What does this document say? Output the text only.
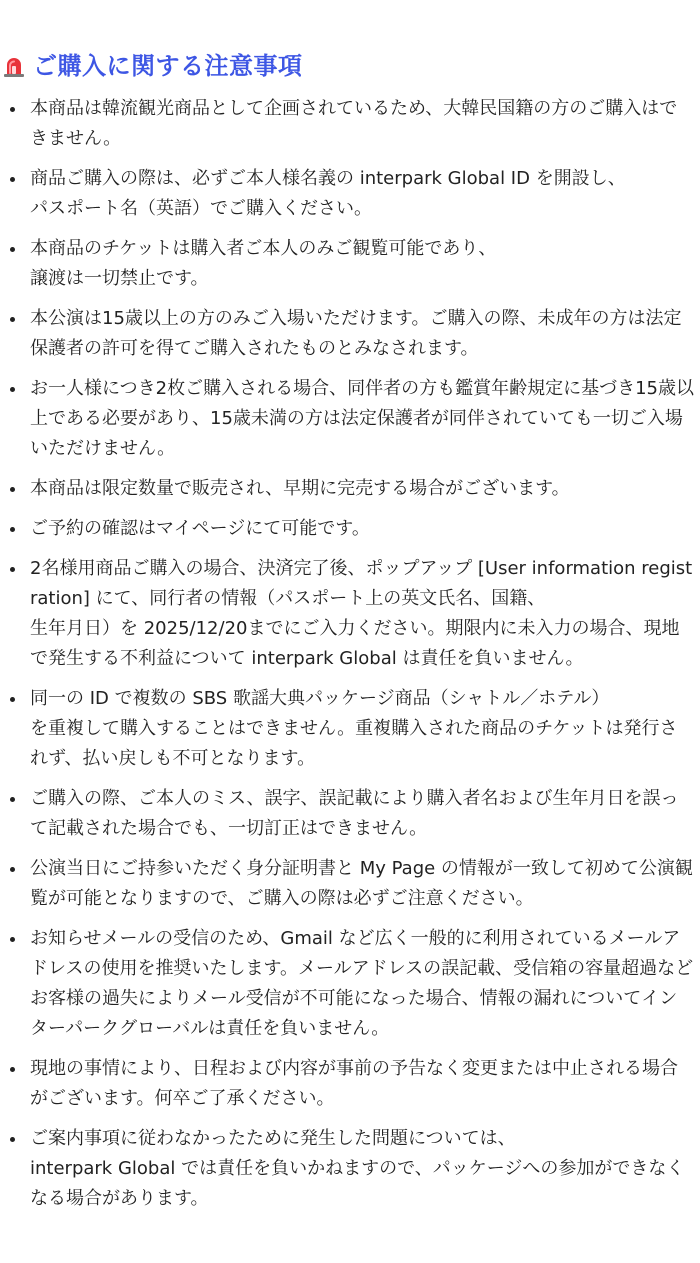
ご購入に関する注意事項
本商品は韓流観光商品として企画されているため、大韓民国籍の方のご購入はできません。
商品ご購入の際は、必ずご本人様名義の interpark Global ID を開設し、
パスポート名（英語）でご購入ください。
本商品のチケットは購入者ご本人のみご観覧可能であり、
譲渡は一切禁止です。
本公演は15歳以上の方のみご入場いただけます。ご購入の際、未成年の方は法定保護者の許可を得てご購入されたものとみなされます。
お一人様につき2枚ご購入される場合、同伴者の方も鑑賞年齢規定に基づき15歳以上である必要があり、15歳未満の方は法定保護者が同伴されていても一切ご入場いただけません。
本商品は限定数量で販売され、早期に完売する場合がございます。
ご予約の確認はマイページにて可能です。
2名様用商品ご購入の場合、決済完了後、ポップアップ [User information registration] にて、同行者の情報（パスポート上の英文氏名、国籍、
生年月日）を 2025/12/20までにご入力ください。期限内に未入力の場合、現地で発生する不利益について interpark Global は責任を負いません。
同一の ID で複数の SBS 歌謡大典パッケージ商品（シャトル／ホテル）
を重複して購入することはできません。重複購入された商品のチケットは発行されず、払い戻しも不可となります。
ご購入の際、ご本人のミス、誤字、誤記載により購入者名および生年月日を誤って記載された場合でも、一切訂正はできません。
公演当日にご持参いただく身分証明書と My Page の情報が一致して初めて公演観覧が可能となりますので、ご購入の際は必ずご注意ください。
お知らせメールの受信のため、Gmail など広く一般的に利用されているメールアドレスの使用を推奨いたします。メールアドレスの誤記載、受信箱の容量超過などお客様の過失によりメール受信が不可能になった場合、情報の漏れについてインターパークグローバルは責任を負いません。
現地の事情により、日程および内容が事前の予告なく変更または中止される場合がございます。何卒ご了承ください。
ご案内事項に従わなかったために発生した問題については、
interpark Global では責任を負いかねますので、パッケージへの参加ができなくなる場合があります。
